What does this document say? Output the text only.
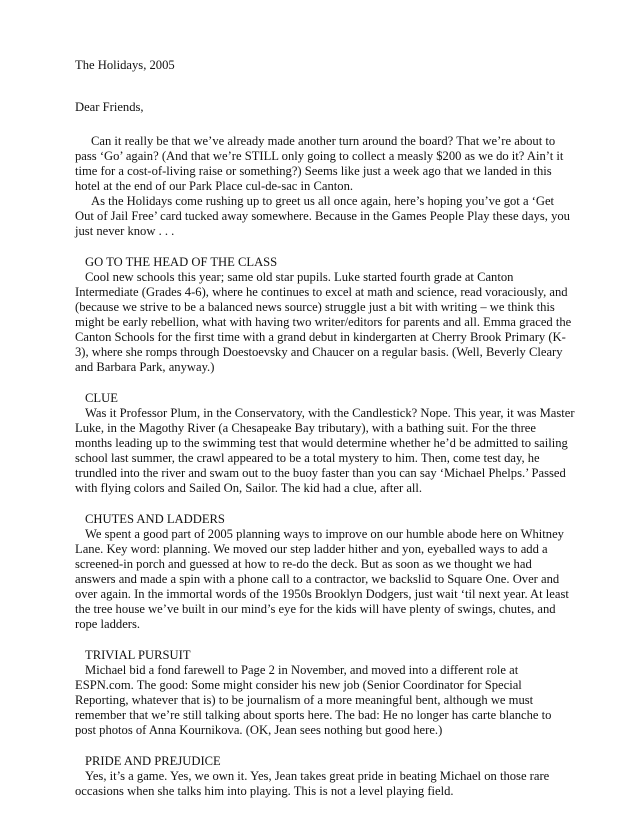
The Holidays, 2005

Dear Friends,

Can it really be that we’ve already made another turn around the board? That we’re about to pass ‘Go’ again? (And that we’re STILL only going to collect a measly $200 as we do it? Ain’t it time for a cost-of-living raise or something?) Seems like just a week ago that we landed in this hotel at the end of our Park Place cul-de-sac in Canton.

As the Holidays come rushing up to greet us all once again, here’s hoping you’ve got a ‘Get Out of Jail Free’ card tucked away somewhere. Because in the Games People Play these days, you just never know . . .

GO TO THE HEAD OF THE CLASS

Cool new schools this year; same old star pupils. Luke started fourth grade at Canton Intermediate (Grades 4-6), where he continues to excel at math and science, read voraciously, and (because we strive to be a balanced news source) struggle just a bit with writing – we think this might be early rebellion, what with having two writer/editors for parents and all. Emma graced the Canton Schools for the first time with a grand debut in kindergarten at Cherry Brook Primary (K-3), where she romps through Doestoevsky and Chaucer on a regular basis. (Well, Beverly Cleary and Barbara Park, anyway.)

CLUE

Was it Professor Plum, in the Conservatory, with the Candlestick? Nope. This year, it was Master Luke, in the Magothy River (a Chesapeake Bay tributary), with a bathing suit. For the three months leading up to the swimming test that would determine whether he’d be admitted to sailing school last summer, the crawl appeared to be a total mystery to him. Then, come test day, he trundled into the river and swam out to the buoy faster than you can say ‘Michael Phelps.’ Passed with flying colors and Sailed On, Sailor. The kid had a clue, after all.

CHUTES AND LADDERS

We spent a good part of 2005 planning ways to improve on our humble abode here on Whitney Lane. Key word: planning. We moved our step ladder hither and yon, eyeballed ways to add a screened-in porch and guessed at how to re-do the deck. But as soon as we thought we had answers and made a spin with a phone call to a contractor, we backslid to Square One. Over and over again. In the immortal words of the 1950s Brooklyn Dodgers, just wait ‘til next year. At least the tree house we’ve built in our mind’s eye for the kids will have plenty of swings, chutes, and rope ladders.

TRIVIAL PURSUIT

Michael bid a fond farewell to Page 2 in November, and moved into a different role at ESPN.com. The good: Some might consider his new job (Senior Coordinator for Special Reporting, whatever that is) to be journalism of a more meaningful bent, although we must remember that we’re still talking about sports here. The bad: He no longer has carte blanche to post photos of Anna Kournikova. (OK, Jean sees nothing but good here.)

PRIDE AND PREJUDICE

Yes, it’s a game. Yes, we own it. Yes, Jean takes great pride in beating Michael on those rare occasions when she talks him into playing. This is not a level playing field.
